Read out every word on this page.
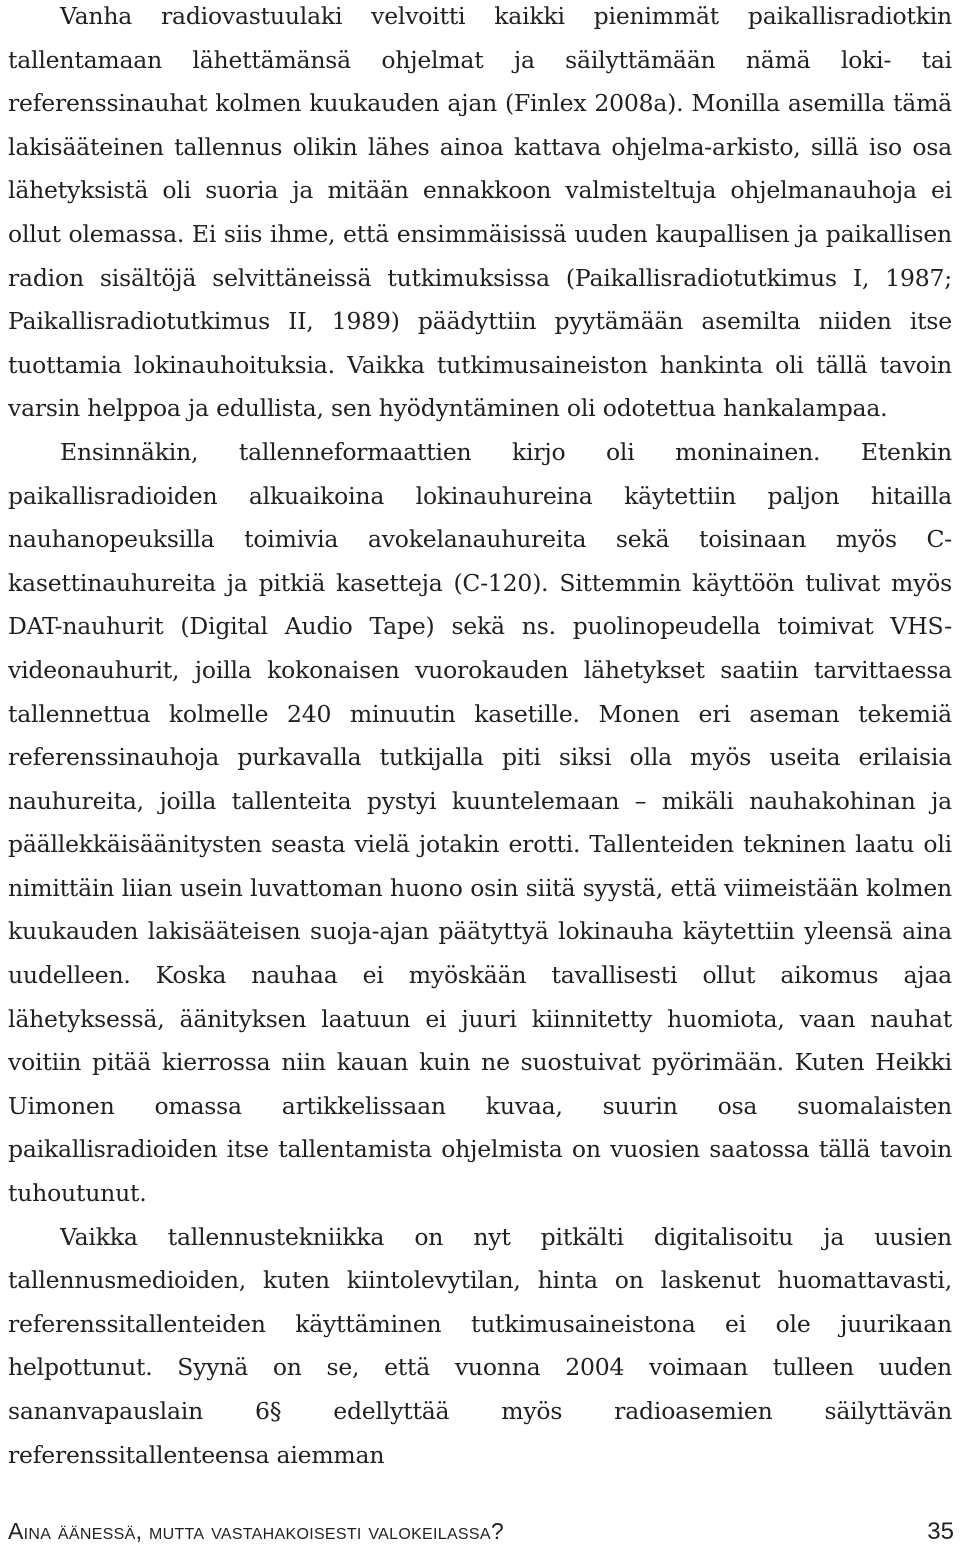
Vanha radiovastuulaki velvoitti kaikki pienimmät paikallisradiotkin tallentamaan lähettämänsä ohjelmat ja säilyttämään nämä loki- tai referenssinauhat kolmen kuukauden ajan (Finlex 2008a). Monilla asemilla tämä lakisääteinen tallennus olikin lähes ainoa kattava ohjelma-arkisto, sillä iso osa lähetyksistä oli suoria ja mitään ennakkoon valmisteltuja ohjelmanauhoja ei ollut olemassa. Ei siis ihme, että ensimmäisissä uuden kaupallisen ja paikallisen radion sisältöjä selvittäneissä tutkimuksissa (Paikallisradiotutkimus I, 1987; Paikallisradiotutkimus II, 1989) päädyttiin pyytämään asemilta niiden itse tuottamia lokinauhoituksia. Vaikka tutkimusaineiston hankinta oli tällä tavoin varsin helppoa ja edullista, sen hyödyntäminen oli odotettua hankalampaa.

Ensinnäkin, tallenneformaattien kirjo oli moninainen. Etenkin paikallisradioiden alkuaikoina lokinauhureina käytettiin paljon hitailla nauhanopeuksilla toimivia avokelanauhureita sekä toisinaan myös C-kasettinauhureita ja pitkiä kasetteja (C-120). Sittemmin käyttöön tulivat myös DAT-nauhurit (Digital Audio Tape) sekä ns. puolinopeudella toimivat VHS-videonauhurit, joilla kokonaisen vuorokauden lähetykset saatiin tarvittaessa tallennettua kolmelle 240 minuutin kasetille. Monen eri aseman tekemiä referenssinauhoja purkavalla tutkijalla piti siksi olla myös useita erilaisia nauhureita, joilla tallenteita pystyi kuuntelemaan – mikäli nauhakohinan ja päällekkäisäänitysten seasta vielä jotakin erotti. Tallenteiden tekninen laatu oli nimittäin liian usein luvattoman huono osin siitä syystä, että viimeistään kolmen kuukauden lakisääteisen suoja-ajan päätyttyä lokinauha käytettiin yleensä aina uudelleen. Koska nauhaa ei myöskään tavallisesti ollut aikomus ajaa lähetyksessä, äänityksen laatuun ei juuri kiinnitetty huomiota, vaan nauhat voitiin pitää kierrossa niin kauan kuin ne suostuivat pyörimään. Kuten Heikki Uimonen omassa artikkelissaan kuvaa, suurin osa suomalaisten paikallisradioiden itse tallentamista ohjelmista on vuosien saatossa tällä tavoin tuhoutunut.

Vaikka tallennustekniikka on nyt pitkälti digitalisoitu ja uusien tallennusmedioiden, kuten kiintolevytilan, hinta on laskenut huomattavasti, referenssitallenteiden käyttäminen tutkimusaineistona ei ole juurikaan helpottunut. Syynä on se, että vuonna 2004 voimaan tulleen uuden sananvapauslain 6§ edellyttää myös radioasemien säilyttävän referenssitallenteensa aiemman

Aina äänessä, mutta vastahakoisesti valokeilassa?	35
